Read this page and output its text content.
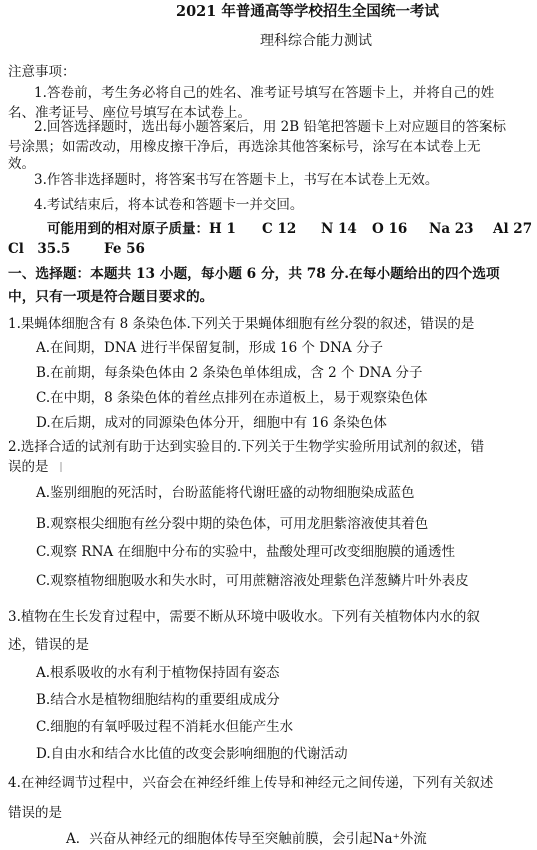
2021 年普通高等学校招生全国统一考试
理科综合能力测试
注意事项：
1.答卷前，考生务必将自己的姓名、准考证号填写在答题卡上，并将自己的姓
名、准考证号、座位号填写在本试卷上。
2.回答选择题时，选出每小题答案后，用 2B 铅笔把答题卡上对应题目的答案标
号涂黑；如需改动，用橡皮擦干净后，再选涂其他答案标号，涂写在本试卷上无
效。
3.作答非选择题时，将答案书写在答题卡上，书写在本试卷上无效。
4.考试结束后，将本试卷和答题卡一并交回。
可能用到的相对原子质量：H 1 C 12 N 14 O 16 Na 23 Al 27
Cl　35.5 Fe 56
一、选择题：本题共 13 小题，每小题 6 分，共 78 分.在每小题给出的四个选项
中，只有一项是符合题目要求的。
1.果蝇体细胞含有 8 条染色体.下列关于果蝇体细胞有丝分裂的叙述，错误的是
A.在间期，DNA 进行半保留复制，形成 16 个 DNA 分子
B.在前期，每条染色体由 2 条染色单体组成，含 2 个 DNA 分子
C.在中期，8 条染色体的着丝点排列在赤道板上，易于观察染色体
D.在后期，成对的同源染色体分开，细胞中有 16 条染色体
2.选择合适的试剂有助于达到实验目的.下列关于生物学实验所用试剂的叙述，错
误的是
A.鉴别细胞的死活时，台盼蓝能将代谢旺盛的动物细胞染成蓝色
B.观察根尖细胞有丝分裂中期的染色体，可用龙胆紫溶液使其着色
C.观察 RNA 在细胞中分布的实验中，盐酸处理可改变细胞膜的通透性
C.观察植物细胞吸水和失水时，可用蔗糖溶液处理紫色洋葱鳞片叶外表皮
3.植物在生长发育过程中，需要不断从环境中吸收水。下列有关植物体内水的叙
述，错误的是
A.根系吸收的水有利于植物保持固有姿态
B.结合水是植物细胞结构的重要组成成分
C.细胞的有氧呼吸过程不消耗水但能产生水
D.自由水和结合水比值的改变会影响细胞的代谢活动
4.在神经调节过程中，兴奋会在神经纤维上传导和神经元之间传递，下列有关叙述
错误的是
A．兴奋从神经元的细胞体传导至突触前膜，会引起Na⁺外流
